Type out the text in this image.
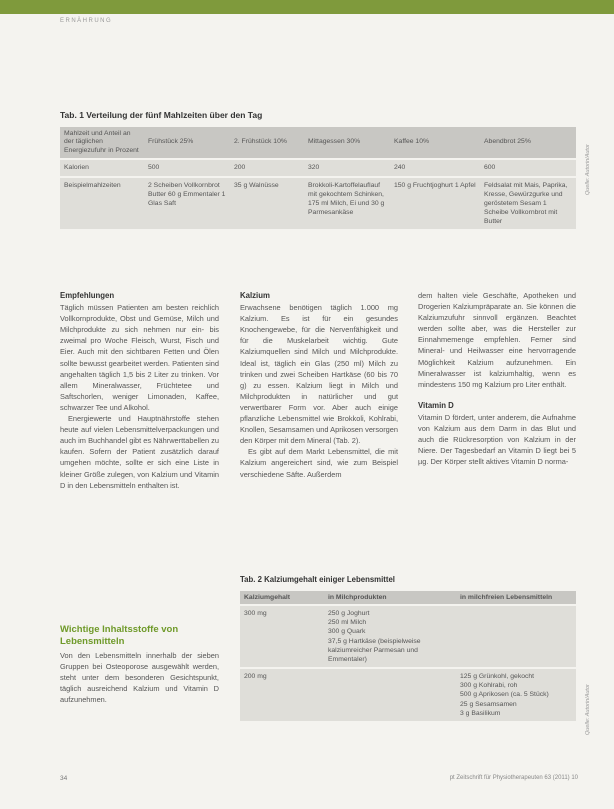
ERNÄHRUNG
Tab. 1 Verteilung der fünf Mahlzeiten über den Tag
Mahlzeit und Anteil an der täglichen Energiezufuhr in Prozent	Frühstück 25%	2. Frühstück 10%	Mittagessen 30%	Kaffee 10%	Abendbrot 25%
Kalorien	500	200	320	240	600
Beispielmahlzeiten	2 Scheiben Vollkornbrot Butter 60 g Emmentaler 1 Glas Saft	35 g Walnüsse	Brokkoli-Kartoffelauflauf mit gekochtem Schinken, 175 ml Milch, Ei und 30 g Parmesankäse	150 g Fruchtjoghurt 1 Apfel	Feldsalat mit Mais, Paprika, Kresse, Gewürzgurke und geröstetem Sesam 1 Scheibe Vollkornbrot mit Butter
Quelle: Autorin/Autor
Empfehlungen

Täglich müssen Patienten am besten reichlich Vollkornprodukte, Obst und Gemüse, Milch und Milchprodukte zu sich nehmen nur ein- bis zweimal pro Woche Fleisch, Wurst, Fisch und Eier. Auch mit den sichtbaren Fetten und Ölen sollte bewusst gearbeitet werden. Patienten sind angehalten täglich 1,5 bis 2 Liter zu trinken. Vor allem Mineralwasser, Früchtetee und Saftschorlen, weniger Limonaden, Kaffee, schwarzer Tee und Alkohol.

Energiewerte und Hauptnährstoffe stehen heute auf vielen Lebensmittelverpackungen und auch im Buchhandel gibt es Nährwerttabellen zu kaufen. Sofern der Patient zusätzlich darauf umgehen möchte, sollte er sich eine Liste in kleiner Größe zulegen, von Kalzium und Vitamin D in den Lebensmitteln enthalten ist.

Wichtige Inhaltsstoffe von Lebensmitteln

Von den Lebensmitteln innerhalb der sieben Gruppen bei Osteoporose ausgewählt werden, steht unter dem besonderen Gesichtspunkt, täglich ausreichend Kalzium und Vitamin D aufzunehmen.

Kalzium

Erwachsene benötigen täglich 1.000 mg Kalzium. Es ist für ein gesundes Knochengewebe, für die Nervenfähigkeit und für die Muskelarbeit wichtig. Gute Kalziumquellen sind Milch und Milchprodukte. Ideal ist, täglich ein Glas (250 ml) Milch zu trinken und zwei Scheiben Hartkäse (60 bis 70 g) zu essen. Kalzium liegt in Milch und Milchprodukten in natürlicher und gut verwertbarer Form vor. Aber auch einige pflanzliche Lebensmittel wie Brokkoli, Kohlrabi, Knollen, Sesamsamen und Aprikosen versorgen den Körper mit dem Mineral (Tab. 2).

Es gibt auf dem Markt Lebensmittel, die mit Kalzium angereichert sind, wie zum Beispiel verschiedene Säfte. Außerdem

dem halten viele Geschäfte, Apotheken und Drogerien Kalziumpräparate an. Sie können die Kalziumzufuhr sinnvoll ergänzen. Beachtet werden sollte aber, was die Hersteller zur Einnahmemenge empfehlen. Ferner sind Mineral- und Heilwasser eine hervorragende Möglichkeit Kalzium aufzunehmen. Ein Mineralwasser ist kalziumhaltig, wenn es mindestens 150 mg Kalzium pro Liter enthält.

Vitamin D

Vitamin D fördert, unter anderem, die Aufnahme von Kalzium aus dem Darm in das Blut und auch die Rückresorption von Kalzium in der Niere. Der Tagesbedarf an Vitamin D liegt bei 5 µg. Der Körper stellt aktives Vitamin D norma-

Tab. 2 Kalziumgehalt einiger Lebensmittel
Kalziumgehalt	in Milchprodukten	in milchfreien Lebensmitteln
300 mg	250 g Joghurt
250 ml Milch
300 g Quark
37,5 g Hartkäse (beispielweise kalziumreicher Parmesan und Emmentaler)	
200 mg		125 g Grünkohl, gekocht
300 g Kohlrabi, roh
500 g Aprikosen (ca. 5 Stück)
25 g Sesamsamen
3 g Basilikum	Quelle: Autorin/Autor
34	pt Zeitschrift für Physiotherapeuten 63 (2011) 10
